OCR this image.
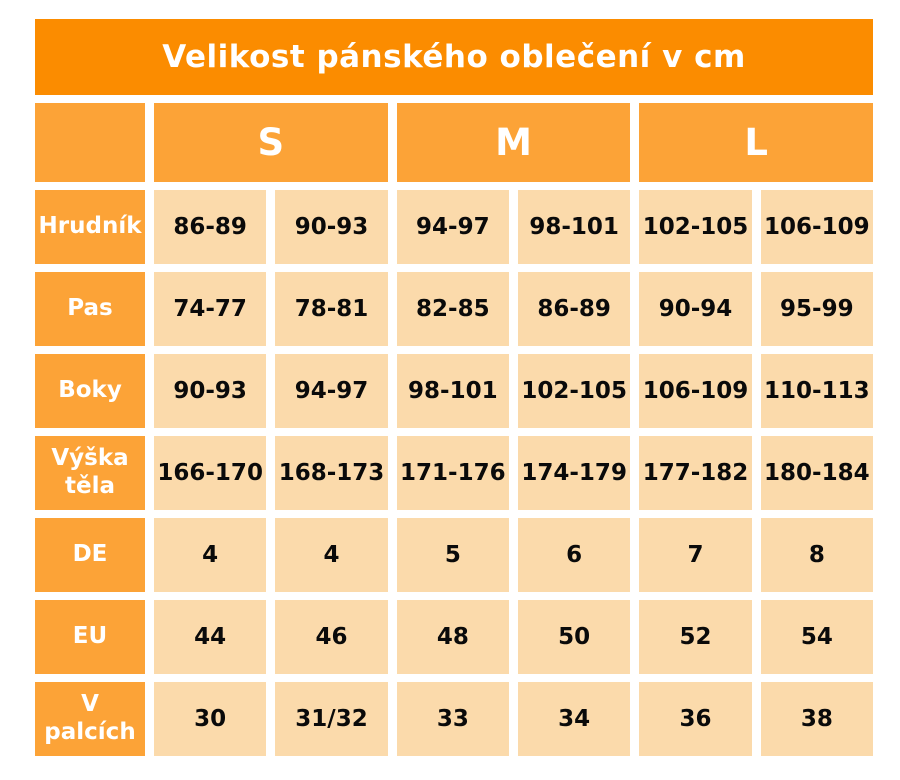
Velikost pánského oblečení v cm
S	M	L
Hrudník	86-89	90-93	94-97	98-101	102-105 106-109
Pas	74-77	78-81	82-85	86-89	90-94	95-99
Boky	90-93	94-97	98-101	102-105 106-109 110-113
Výška těla	166-170 168-173 171-176 174-179 177-182 180-184
DE	4	4	5	6	7	8
EU	44	46	48	50	52	54
V palcích	30	31/32	33	34	36	38
